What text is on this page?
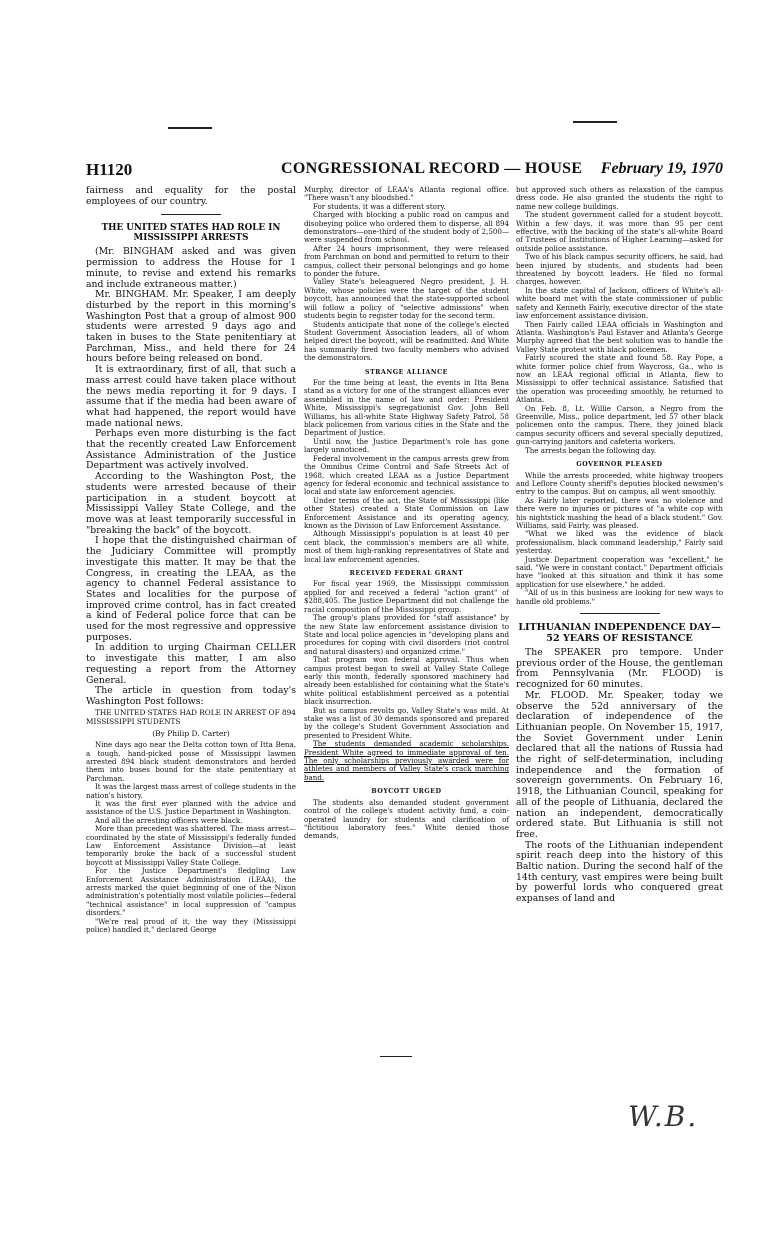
H1120	CONGRESSIONAL RECORD — HOUSE February 19, 1970

fairness and equality for the postal employees of our country.

THE UNITED STATES HAD ROLE IN MISSISSIPPI ARRESTS

(Mr. BINGHAM asked and was given permission to address the House for 1 minute, to revise and extend his remarks and include extraneous matter.)

Mr. BINGHAM. Mr. Speaker, I am deeply disturbed by the report in this morning's Washington Post that a group of almost 900 students were arrested 9 days ago and taken in buses to the State penitentiary at Parchman, Miss., and held there for 24 hours before being released on bond.

It is extraordinary, first of all, that such a mass arrest could have taken place without the news media reporting it for 9 days. I assume that if the media had been aware of what had happened, the report would have made national news.

Perhaps even more disturbing is the fact that the recently created Law Enforcement Assistance Administration of the Justice Department was actively involved.

According to the Washington Post, the students were arrested because of their participation in a student boycott at Mississippi Valley State College, and the move was at least temporarily successful in "breaking the back" of the boycott.

I hope that the distinguished chairman of the Judiciary Committee will promptly investigate this matter. It may be that the Congress, in creating the LEAA, as the agency to channel Federal assistance to States and localities for the purpose of improved crime control, has in fact created a kind of Federal police force that can be used for the most regressive and oppressive purposes.

In addition to urging Chairman CELLER to investigate this matter, I am also requesting a report from the Attorney General.

The article in question from today's Washington Post follows:

THE UNITED STATES HAD ROLE IN ARREST OF 894 MISSISSIPPI STUDENTS

(By Philip D. Carter)

Nine days ago near the Delta cotton town of Itta Bena, a tough, hand-picked posse of Mississippi lawmen arrested 894 black student demonstrators and herded them into buses bound for the state penitentiary at Parchman.

It was the largest mass arrest of college students in the nation's history.

It was the first ever planned with the advice and assistance of the U.S. Justice Department in Washington.

And all the arresting officers were black.

More than precedent was shattered. The mass arrest—coordinated by the state of Mississippi's federally funded Law Enforcement Assistance Division—at least temporarily broke the back of a successful student boycott at Mississippi Valley State College.

For the Justice Department's fledgling Law Enforcement Assistance Administration (LEAA), the arrests marked the quiet beginning of one of the Nixon administration's potentially most volatile policies—federal "technical assistance" in local suppression of "campus disorders."

"We're real proud of it, the way they (Mississippi police) handled it," declared George

Murphy, director of LEAA's Atlanta regional office. "There wasn't any bloodshed."

For students, it was a different story.

Charged with blocking a public road on campus and disobeying police who ordered them to disperse, all 894 demonstrators—one-third of the student body of 2,500—were suspended from school.

After 24 hours imprisonment, they were released from Parchman on bond and permitted to return to their campus, collect their personal belongings and go home to ponder the future.

Valley State's beleaguered Negro president, J. H. White, whose policies were the target of the student boycott, has announced that the state-supported school will follow a policy of "selective admissions" when students begin to register today for the second term.

Students anticipate that none of the college's elected Student Government Association leaders, all of whom helped direct the boycott, will be readmitted. And White has summarily fired two faculty members who advised the demonstrators.

STRANGE ALLIANCE

For the time being at least, the events in Itta Bena stand as a victory for one of the strangest alliances ever assembled in the name of law and order: President White, Mississippi's segregationist Gov. John Bell Williams, his all-white State Highway Safety Patrol, 58 black policemen from various cities in the State and the Department of Justice.

Until now, the Justice Department's role has gone largely unnoticed.

Federal involvement in the campus arrests grew from the Omnibus Crime Control and Safe Streets Act of 1968, which created LEAA as a Justice Department agency for federal economic and technical assistance to local and state law enforcement agencies.

Under terms of the act, the State of Mississippi (like other States) created a State Commission on Law Enforcement Assistance and its operating agency, known as the Division of Law Enforcement Assistance.

Although Mississippi's population is at least 40 per cent black, the commission's members are all white, most of them high-ranking representatives of State and local law enforcement agencies.

RECEIVED FEDERAL GRANT

For fiscal year 1969, the Mississippi commission applied for and received a federal "action grant" of $288,405. The Justice Department did not challenge the racial composition of the Mississippi group.

The group's plans provided for "staff assistance" by the new State law enforcement assistance division to State and local police agencies in "developing plans and procedures for coping with civil disorders (riot control and natural disasters) and organized crime."

That program won federal approval. Thus when campus protest began to swell at Valley State College early this month, federally sponsored machinery had already been established for containing what the State's white political establishment perceived as a potential black insurrection.

But as campus revolts go, Valley State's was mild. At stake was a list of 30 demands sponsored and prepared by the college's Student Government Association and presented to President White.

The students demanded academic scholarships. President White agreed to immediate approval of ten. The only scholarships previously awarded were for athletes and members of Valley State's crack marching band.

BOYCOTT URGED

The students also demanded student government control of the college's student activity fund, a coin-operated laundry for students and clarification of "fictitious laboratory fees." White denied those demands,

but approved such others as relaxation of the campus dress code. He also granted the students the right to name new college buildings.

The student government called for a student boycott. Within a few days, it was more than 95 per cent effective, with the backing of the state's all-white Board of Trustees of Institutions of Higher Learning—asked for outside police assistance.

Two of his black campus security officers, he said, had been injured by students, and students had been threatened by boycott leaders. He filed no formal charges, however.

In the state capital of Jackson, officers of White's all-white board met with the state commissioner of public safety and Kenneth Fairly, executive director of the state law enforcement assistance division.

Then Fairly called LEAA officials in Washington and Atlanta. Washington's Paul Estaver and Atlanta's George Murphy agreed that the best solution was to handle the Valley State protest with black policemen.

Fairly scoured the state and found 58. Ray Pope, a white former police chief from Waycross, Ga., who is now an LEAA regional official in Atlanta, flew to Mississippi to offer technical assistance. Satisfied that the operation was proceeding smoothly, he returned to Atlanta.

On Feb. 8, Lt. Willie Carson, a Negro from the Greenville, Miss., police department, led 57 other black policemen onto the campus. There, they joined black campus security officers and several specially deputized, gun-carrying janitors and cafeteria workers.

The arrests began the following day.

GOVERNOR PLEASED

While the arrests proceeded, white highway troopers and Leflore County sheriff's deputies blocked newsmen's entry to the campus. But on campus, all went smoothly.

As Fairly later reported, there was no violence and there were no injuries or pictures of "a white cop with his nightstick mashing the head of a black student." Gov. Williams, said Fairly, was pleased.

"What we liked was the evidence of black professionalism, black command leadership," Fairly said yesterday.

Justice Department cooperation was "excellent," he said. "We were in constant contact." Department officials have "looked at this situation and think it has some application for use elsewhere," he added.

"All of us in this business are looking for new ways to handle old problems."

LITHUANIAN INDEPENDENCE DAY—52 YEARS OF RESISTANCE

The SPEAKER pro tempore. Under previous order of the House, the gentleman from Pennsylvania (Mr. FLOOD) is recognized for 60 minutes.

Mr. FLOOD. Mr. Speaker, today we observe the 52d anniversary of the declaration of independence of the Lithuanian people. On November 15, 1917, the Soviet Government under Lenin declared that all the nations of Russia had the right of self-determination, including independence and the formation of sovereign governments. On February 16, 1918, the Lithuanian Council, speaking for all of the people of Lithuania, declared the nation an independent, democratically ordered state. But Lithuania is still not free.

The roots of the Lithuanian independent spirit reach deep into the history of this Baltic nation. During the second half of the 14th century, vast empires were being built by powerful lords who conquered great expanses of land and

W.B.
